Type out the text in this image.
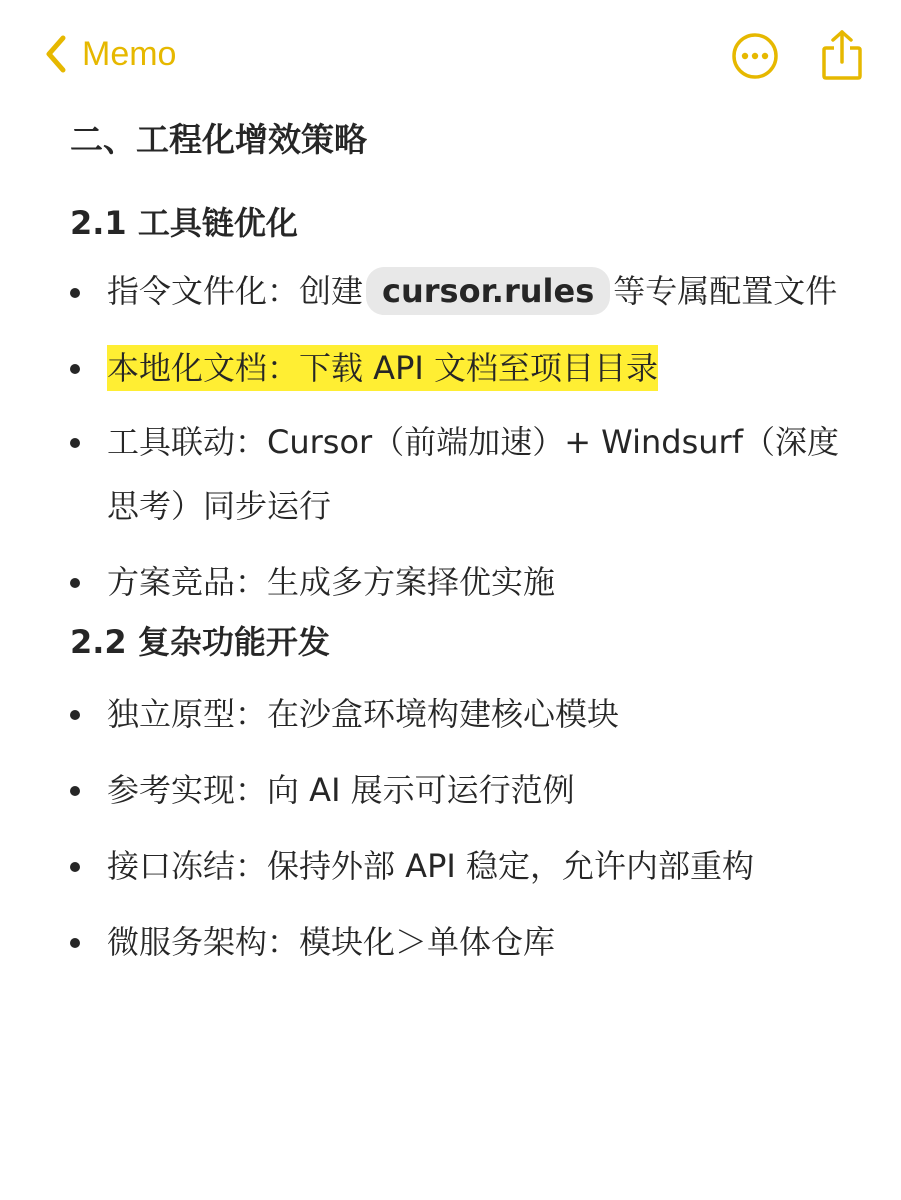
Memo
二、工程化增效策略
2.1 工具链优化
指令文件化：创建 cursor.rules 等专属配置文件
本地化文档：下载 API 文档至项目目录
工具联动：Cursor（前端加速）+ Windsurf（深度思考）同步运行
方案竞品：生成多方案择优实施
2.2 复杂功能开发
独立原型：在沙盒环境构建核心模块
参考实现：向 AI 展示可运行范例
接口冻结：保持外部 API 稳定，允许内部重构
微服务架构：模块化＞单体仓库
